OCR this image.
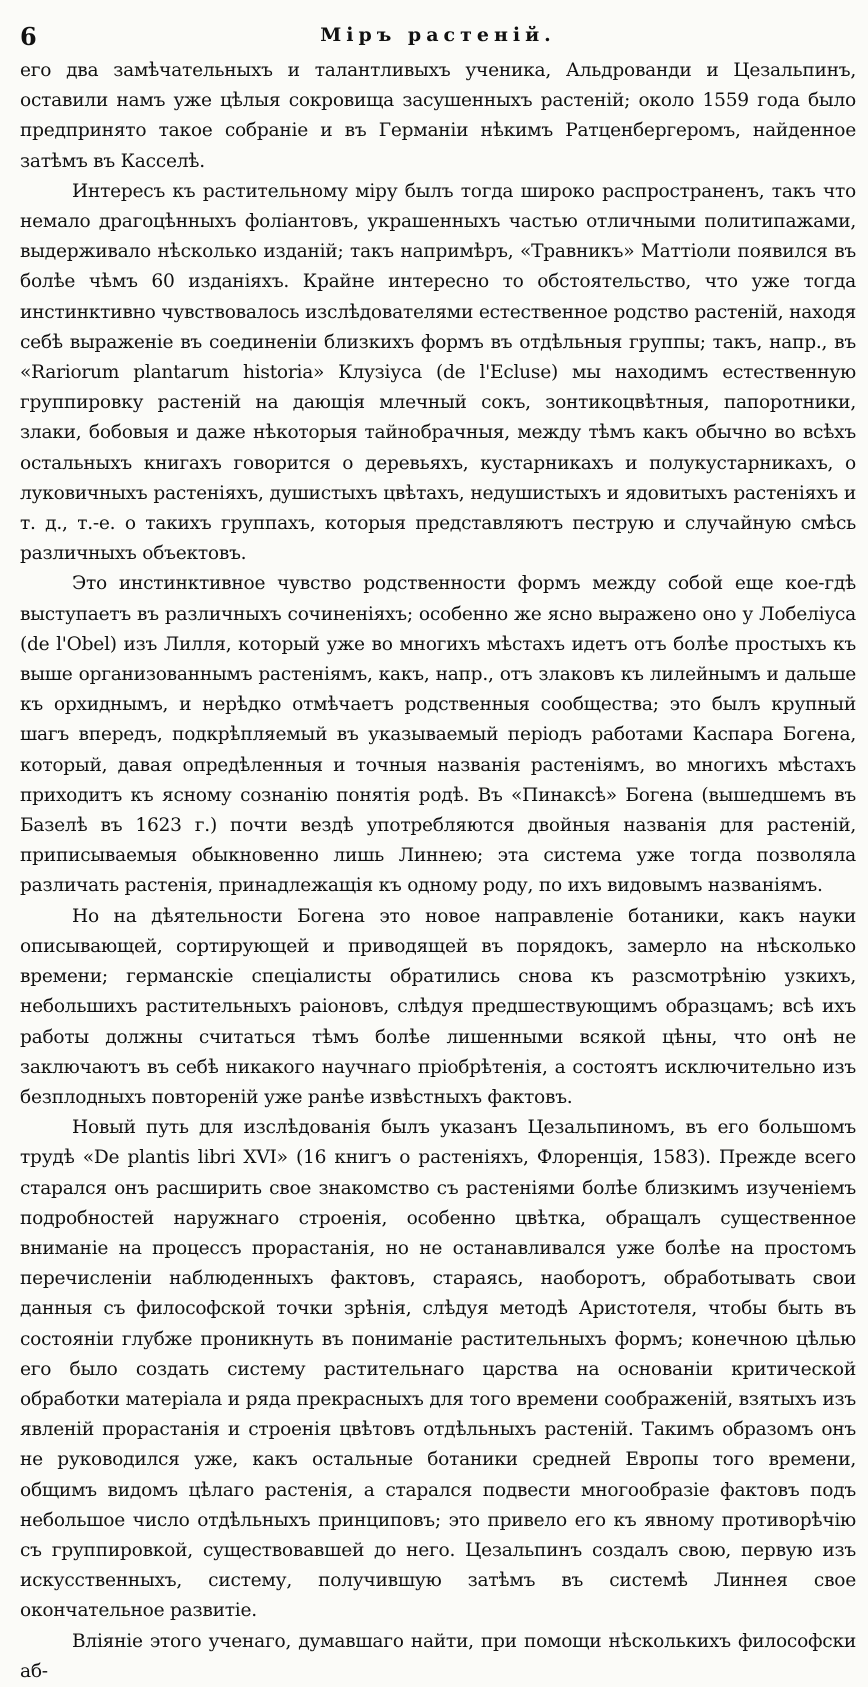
6	Міръ растеній.

его два замѣчательныхъ и талантливыхъ ученика, Альдрованди и Цезальпинъ, оставили намъ уже цѣлыя сокровища засушенныхъ растеній; около 1559 года было предпринято такое собраніе и въ Германіи нѣкимъ Ратценбергеромъ, найденное затѣмъ въ Касселѣ.

Интересъ къ растительному міру былъ тогда широко распространенъ, такъ что немало драгоцѣнныхъ фоліантовъ, украшенныхъ частью отличными политипажами, выдерживало нѣсколько изданій; такъ напримѣръ, «Травникъ» Маттіоли появился въ болѣе чѣмъ 60 изданіяхъ. Крайне интересно то обстоятельство, что уже тогда инстинктивно чувствовалось изслѣдователями естественное родство растеній, находя себѣ выраженіе въ соединеніи близкихъ формъ въ отдѣльныя группы; такъ, напр., въ «Rariorum plantarum historia» Клузіуса (de l'Ecluse) мы находимъ естественную группировку растеній на дающія млечный сокъ, зонтикоцвѣтныя, папоротники, злаки, бобовыя и даже нѣкоторыя тайнобрачныя, между тѣмъ какъ обычно во всѣхъ остальныхъ книгахъ говорится о деревьяхъ, кустарникахъ и полукустарникахъ, о луковичныхъ растеніяхъ, душистыхъ цвѣтахъ, недушистыхъ и ядовитыхъ растеніяхъ и т. д., т.-е. о такихъ группахъ, которыя представляютъ пеструю и случайную смѣсь различныхъ объектовъ.

Это инстинктивное чувство родственности формъ между собой еще кое-гдѣ выступаетъ въ различныхъ сочиненіяхъ; особенно же ясно выражено оно у Лобеліуса (de l'Obel) изъ Лилля, который уже во многихъ мѣстахъ идетъ отъ болѣе простыхъ къ выше организованнымъ растеніямъ, какъ, напр., отъ злаковъ къ лилейнымъ и дальше къ орхиднымъ, и нерѣдко отмѣчаетъ родственныя сообщества; это былъ крупный шагъ впередъ, подкрѣпляемый въ указываемый періодъ работами Каспара Богена, который, давая опредѣленныя и точныя названія растеніямъ, во многихъ мѣстахъ приходитъ къ ясному сознанію понятія родѣ. Въ «Пинаксѣ» Богена (вышедшемъ въ Базелѣ въ 1623 г.) почти вездѣ употребляются двойныя названія для растеній, приписываемыя обыкновенно лишь Линнею; эта система уже тогда позволяла различать растенія, принадлежащія къ одному роду, по ихъ видовымъ названіямъ.

Но на дѣятельности Богена это новое направленіе ботаники, какъ науки описывающей, сортирующей и приводящей въ порядокъ, замерло на нѣсколько времени; германскіе спеціалисты обратились снова къ разсмотрѣнію узкихъ, небольшихъ растительныхъ раіоновъ, слѣдуя предшествующимъ образцамъ; всѣ ихъ работы должны считаться тѣмъ болѣе лишенными всякой цѣны, что онѣ не заключаютъ въ себѣ никакого научнаго пріобрѣтенія, а состоятъ исключительно изъ безплодныхъ повтореній уже ранѣе извѣстныхъ фактовъ.

Новый путь для изслѣдованія былъ указанъ Цезальпиномъ, въ его большомъ трудѣ «De plantis libri XVI» (16 книгъ о растеніяхъ, Флоренція, 1583). Прежде всего старался онъ расширить свое знакомство съ растеніями болѣе близкимъ изученіемъ подробностей наружнаго строенія, особенно цвѣтка, обращалъ существенное вниманіе на процессъ прорастанія, но не останавливался уже болѣе на простомъ перечисленіи наблюденныхъ фактовъ, стараясь, наоборотъ, обработывать свои данныя съ философской точки зрѣнія, слѣдуя методѣ Аристотеля, чтобы быть въ состояніи глубже проникнуть въ пониманіе растительныхъ формъ; конечною цѣлью его было создать систему растительнаго царства на основаніи критической обработки матеріала и ряда прекрасныхъ для того времени соображеній, взятыхъ изъ явленій прорастанія и строенія цвѣтовъ отдѣльныхъ растеній. Такимъ образомъ онъ не руководился уже, какъ остальные ботаники средней Европы того времени, общимъ видомъ цѣлаго растенія, а старался подвести многообразіе фактовъ подъ небольшое число отдѣльныхъ принциповъ; это привело его къ явному противорѣчію съ группировкой, существовавшей до него. Цезальпинъ создалъ свою, первую изъ искусственныхъ, систему, получившую затѣмъ въ системѣ Линнея свое окончательное развитіе.

Вліяніе этого ученаго, думавшаго найти, при помощи нѣсколькихъ философски аб-
